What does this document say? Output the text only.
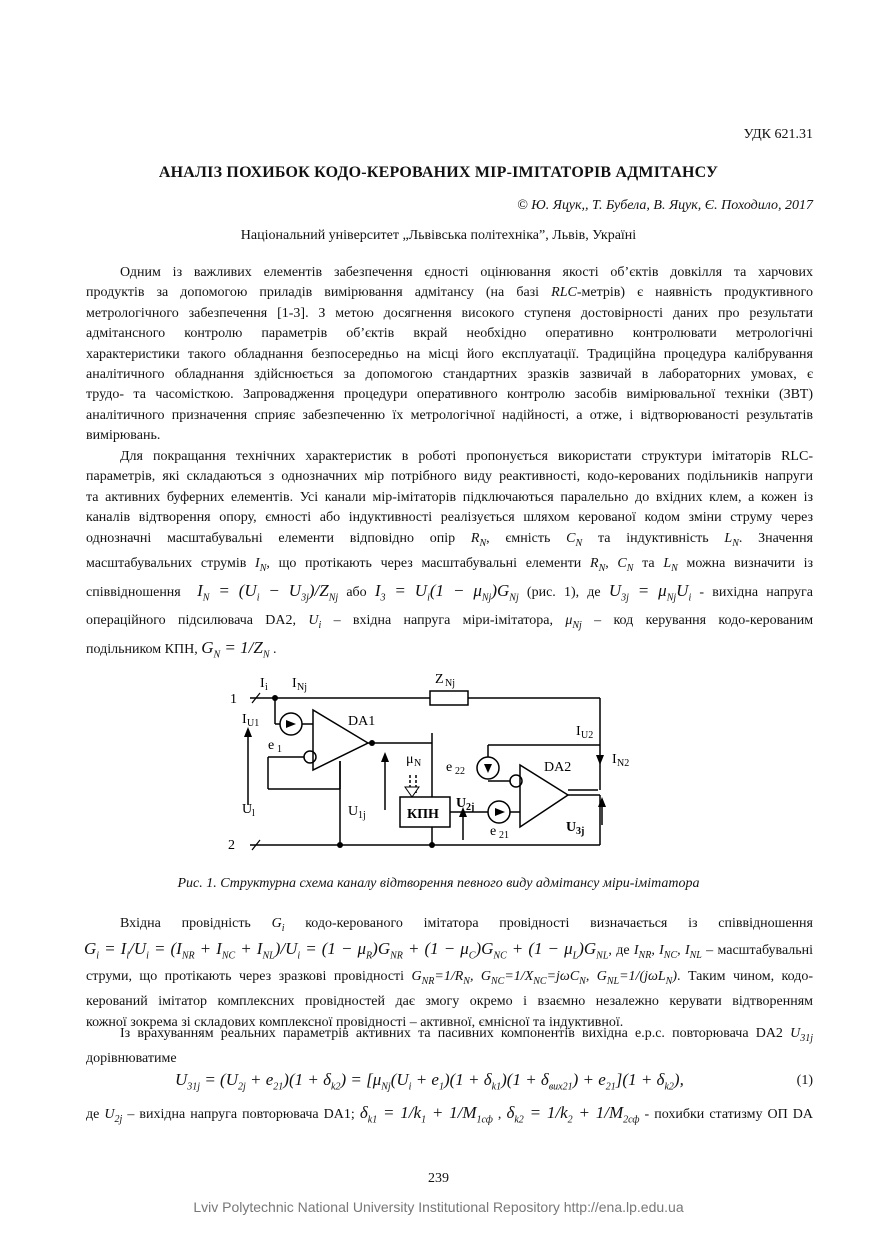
УДК 621.31
АНАЛІЗ ПОХИБОК КОДО-КЕРОВАНИХ МІР-ІМІТАТОРІВ АДМІТАНСУ
© Ю. Яцук,, Т. Бубела, В. Яцук, Є. Походило, 2017
Національний університет „Львівська політехніка”, Львів, Україні
Одним із важливих елементів забезпечення єдності оцінювання якості об’єктів довкілля та харчових
продуктів за допомогою приладів вимірювання адмітансу (на базі RLC-метрів) є наявність продуктивного
метрологічного забезпечення [1-3]. З метою досягнення високого ступеня достовірності даних про результати
адмітансного контролю параметрів об’єктів вкрай необхідно оперативно контролювати метрологічні
характеристики такого обладнання безпосередньо на місці його експлуатації. Традиційна процедура калібрування
аналітичного обладнання здійснюється за допомогою стандартних зразків зазвичай в лабораторних умовах, є
трудо- та часомісткою. Запровадження процедури оперативного контролю засобів вимірювальної техніки (ЗВТ)
аналітичного призначення сприяє забезпеченню їх метрологічної надійності, а отже, і відтворюваності результатів
вимірювань.
Для покращання технічних характеристик в роботі пропонується використати структури імітаторів RLC-
параметрів, які складаються з однозначних мір потрібного виду реактивності, кодо-керованих подільників напруги
та активних буферних елементів. Усі канали мір-імітаторів підключаються паралельно до вхідних клем, а кожен із
каналів відтворення опору, ємності або індуктивності реалізується шляхом керованої кодом зміни струму через
однозначні масштабувальні елементи відповідно опір $R_N$, ємність $C_N$ та індуктивність $L_N$. Значення
масштабувальних струмів $I_N$, що протікають через масштабувальні елементи $R_N$, $C_N$ та $L_N$ можна визначити із
співвідношення $I_N = (U_i - U_{3j})/Z_{Nj}$ або $I_3 = U_i(1 - \mu_{Nj})G_{Nj}$ (рис. 1), де $U_{3j} = \mu_{Nj}U_i$ - вихідна напруга
операційного підсилювача DA2, $U_i$ – вхідна напруга міри-імітатора, $\mu_{Nj}$ – код керування кодо-керованим
подільником КПН, $G_N = 1/Z_N$ .
1
2
I i I Nj
Z Nj
I U1
e 1
DA1
U l	U 1j
μ N
КПН
U 2j
e 21
e 22	DA2
I U2
I N2
U 3j
Рис. 1. Структурна схема каналу відтворення певного виду адмітансу міри-імітатора
Вхідна провідність $G_i$ кодо-керованого імітатора провідності визначається із співвідношення
$G_i = I_i/U_i = (I_{NR} + I_{NC} + I_{NL})/U_i = (1 - \mu_R)G_{NR} + (1 - \mu_C)G_{NC} + (1 - \mu_L)G_{NL}$, де $I_{NR}$, $I_{NC}$, $I_{NL}$ – масштабувальні
струми, що протікають через зразкові провідності $G_{NR}=1/R_N$, $G_{NC}=1/X_{NC}=j\omega C_N$, $G_{NL}=1/(j\omega L_N)$. Таким чином, кодо-
керований імітатор комплексних провідностей дає змогу окремо і взаємно незалежно керувати відтворенням
кожної зокрема зі складових комплексної провідності – активної, ємнісної та індуктивної.
Із врахуванням реальних параметрів активних та пасивних компонентів вихідна е.р.с. повторювача DA2 $U_{31j}$
дорівнюватиме
$U_{31j} = (U_{2j} + e_{21})(1 + \delta_{k2}) = [\mu_{Nj}(U_i + e_1)(1 + \delta_{k1})(1 + \delta_{вих21}) + e_{21}](1 + \delta_{k2})$,	(1)
де $U_{2j}$ – вихідна напруга повторювача DA1; $\delta_{k1} = 1/k_1 + 1/M_{1сф}$ , $\delta_{k2} = 1/k_2 + 1/M_{2сф}$ - похибки статизму ОП DA
239
Lviv Polytechnic National University Institutional Repository http://ena.lp.edu.ua
